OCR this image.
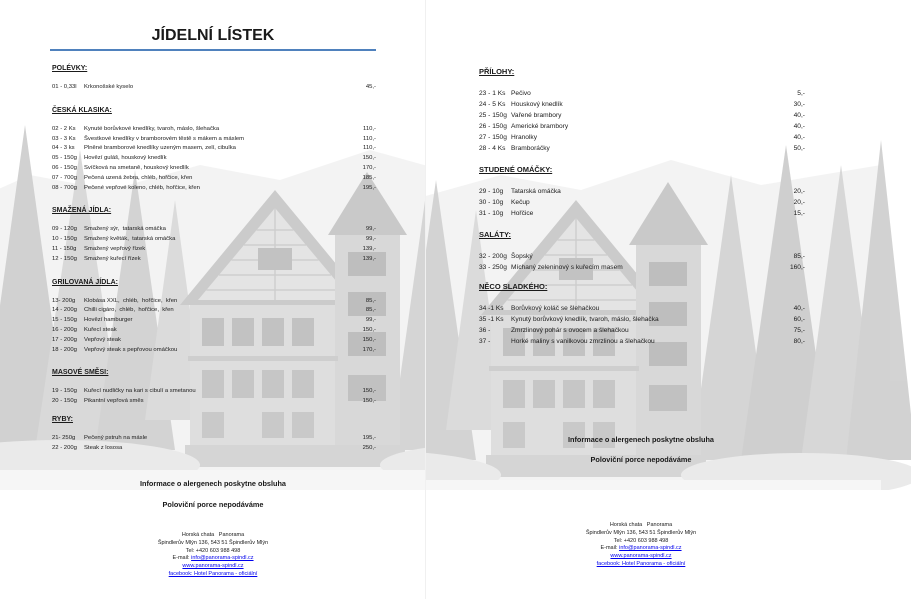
JÍDELNÍ LÍSTEK
POLÉVKY:
01 - 0,33l Krkonošské kyselo	45,-
ČESKÁ KLASIKA:
02 - 2 Ks Kynuté borůvkové knedlíky, tvaroh, máslo, šlehačka	110,-
03 - 3 Ks Švestkové knedlíky v bramborovém těstě s mákem a máslem	110,-
04 - 3 ks Plněné bramborové knedlíky uzeným masem, zelí, cibulka	110,-
05 - 150g Hovězí guláš, houskový knedlík	150,-
06 - 150g Svíčková na smetaně, houskový knedlík	170,-
07 - 700g Pečená uzená žebra, chléb, hořčice, křen	185,-
08 - 700g Pečené vepřové koleno, chléb, hořčice, křen	195,-
SMAŽENÁ JÍDLA:
09 - 120g Smažený sýr,  tatarská omáčka	99,-
10 - 150g Smažený květák,  tatarská omáčka	99,-
11 - 150g Smažený vepřový řízek	139,-
12 - 150g Smažený kuřecí řízek	139,-
GRILOVANÁ JÍDLA:
13- 200g Klobása XXL,  chléb,  hořčice,  křen	85,-
14 - 200g Chilli cigáro,  chléb,  hořčice,  křen	85,-
15 - 150g Hovězí hamburger	99,-
16 - 200g Kuřecí steak	150,-
17 - 200g Vepřový steak	150,-
18 - 200g Vepřový steak s pepřovou omáčkou	170,-
MASOVÉ SMĚSI:
19 - 150g Kuřecí nudličky na kari s cibulí a smetanou	150,-
20 - 150g Pikantní vepřová směs	150,-
RYBY:
21- 250g Pečený pstruh na másle	195,-
22 - 200g Steak z lososa	250,-
Informace o alergenech poskytne obsluha
Poloviční porce nepodáváme
Horská chata   Panorama
Špindlerův Mlýn 136, 543 51 Špindlerův Mlýn
Tel: +420 603 988 498
E-mail: info@panorama-spindl.cz
www.panorama-spindl.cz
facebook: Hotel Panorama - oficiální
PŘÍLOHY:
23 - 1 Ks Pečivo	5,-
24 - 5 Ks Houskový knedlík	30,-
25 - 150g Vařené brambory	40,-
26 - 150g Americké brambory	40,-
27 - 150g Hranolky	40,-
28 - 4 Ks Bramboráčky	50,-
STUDENÉ OMÁČKY:
29 - 10g Tatarská omáčka	20,-
30 - 10g Kečup	20,-
31 - 10g Hořčice	15,-
SALÁTY:
32 - 200g Šopský	85,-
33 - 250g Míchaný zeleninový s kuřecím masem	160,-
NĚCO SLADKÉHO:
34 -1 Ks Borůvkový koláč se šlehačkou	40,-
35 -1 Ks Kynutý borůvkový knedlík, tvaroh, máslo, šlehačka	60,-
36 -	Zmrzlinový pohár s ovocem a šlehačkou	75,-
37 -	Horké maliny s vanilkovou zmrzlinou a šlehačkou	80,-
Informace o alergenech poskytne obsluha
Poloviční porce nepodáváme
Horská chata   Panorama
Špindlerův Mlýn 136, 543 51 Špindlerův Mlýn
Tel: +420 603 988 498
E-mail: info@panorama-spindl.cz
www.panorama-spindl.cz
facebook: Hotel Panorama - oficiální
